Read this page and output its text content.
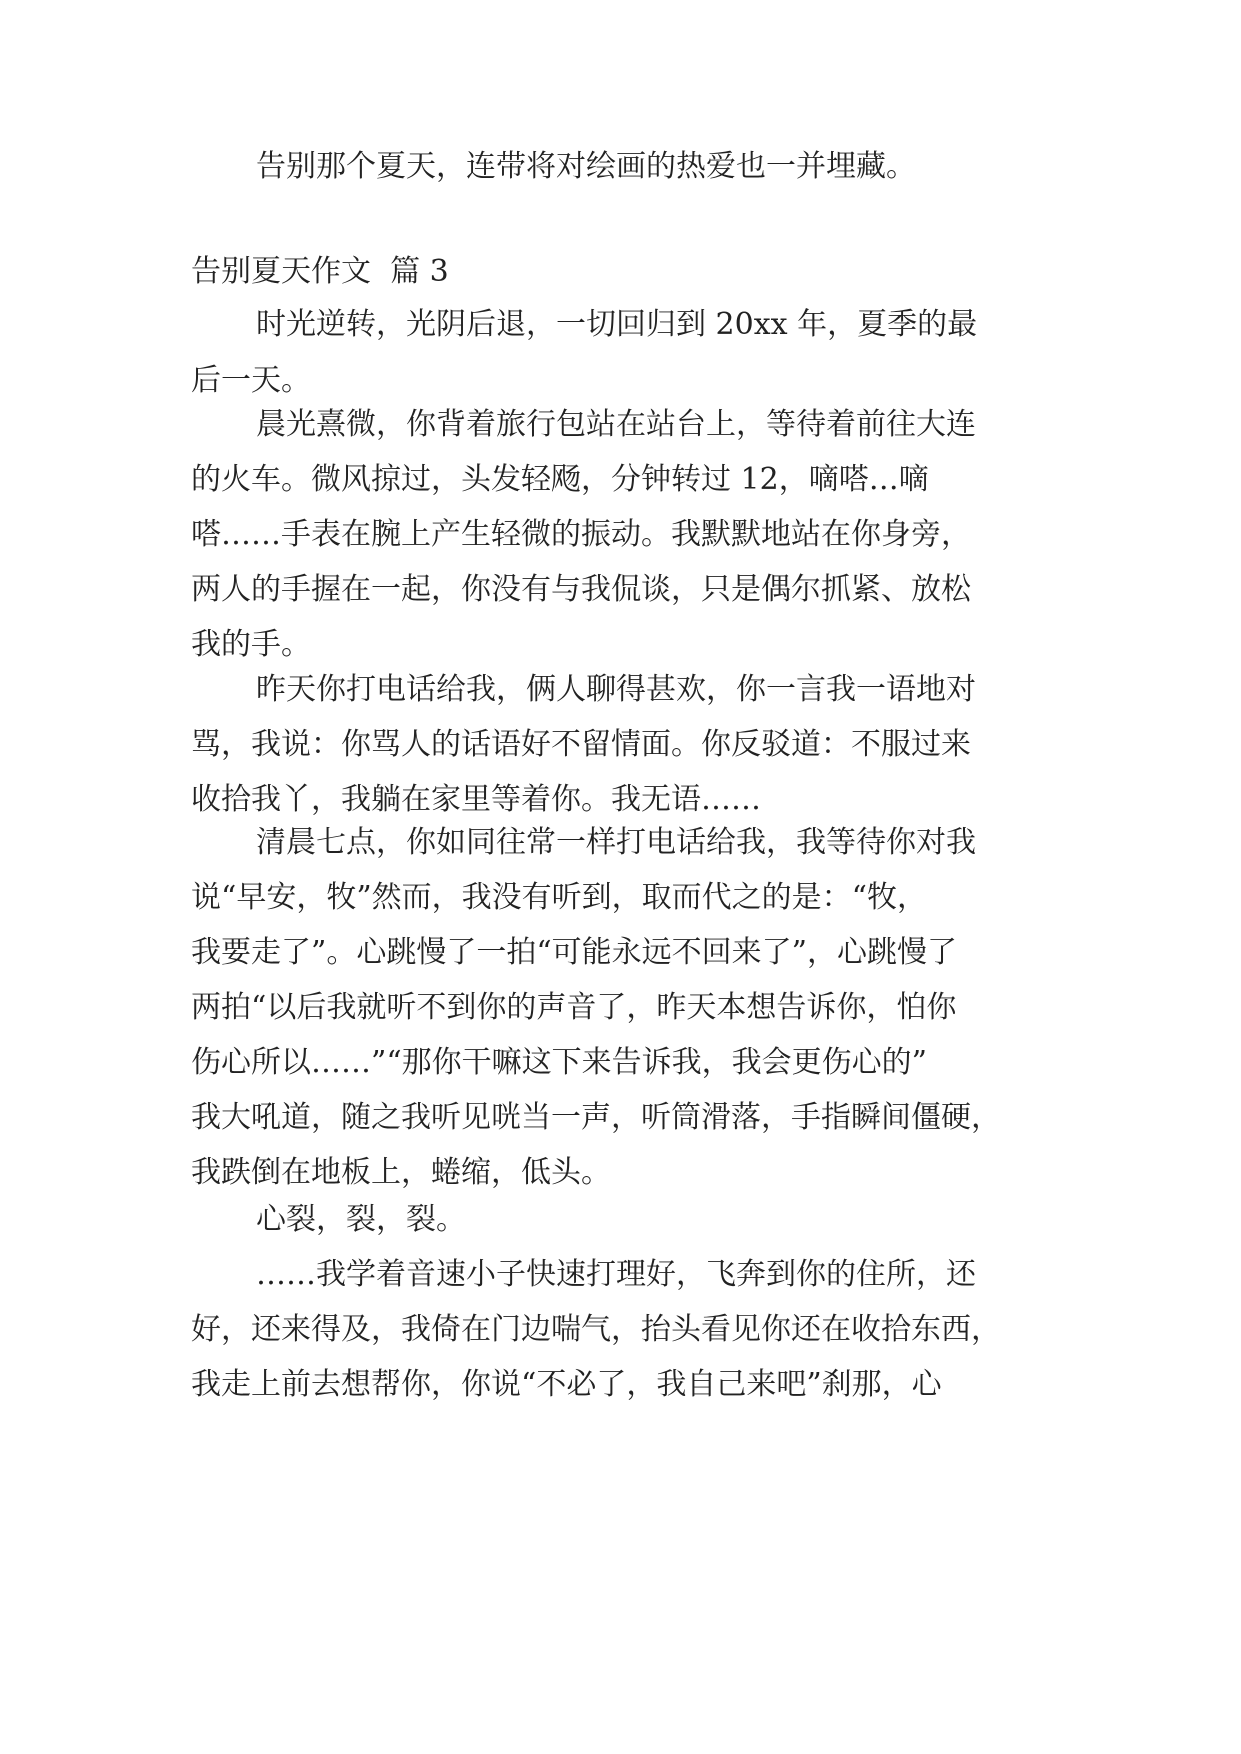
告别那个夏天，连带将对绘画的热爱也一并埋藏。
告别夏天作文  篇 3
时光逆转，光阴后退，一切回归到 20xx 年，夏季的最
后一天。
晨光熹微，你背着旅行包站在站台上，等待着前往大连
的火车。微风掠过，头发轻飏，分钟转过 12，嘀嗒…嘀
嗒……手表在腕上产生轻微的振动。我默默地站在你身旁，
两人的手握在一起，你没有与我侃谈，只是偶尔抓紧、放松
我的手。
昨天你打电话给我，俩人聊得甚欢，你一言我一语地对
骂，我说：你骂人的话语好不留情面。你反驳道：不服过来
收拾我丫，我躺在家里等着你。我无语……
清晨七点，你如同往常一样打电话给我，我等待你对我
说“早安，牧”然而，我没有听到，取而代之的是：“牧，
我要走了”。心跳慢了一拍“可能永远不回来了”，心跳慢了
两拍“以后我就听不到你的声音了，昨天本想告诉你，怕你
伤心所以……”“那你干嘛这下来告诉我，我会更伤心的”
我大吼道，随之我听见咣当一声，听筒滑落，手指瞬间僵硬，
我跌倒在地板上，蜷缩，低头。
心裂，裂，裂。
……我学着音速小子快速打理好，飞奔到你的住所，还
好，还来得及，我倚在门边喘气，抬头看见你还在收拾东西，
我走上前去想帮你，你说“不必了，我自己来吧”刹那，心
